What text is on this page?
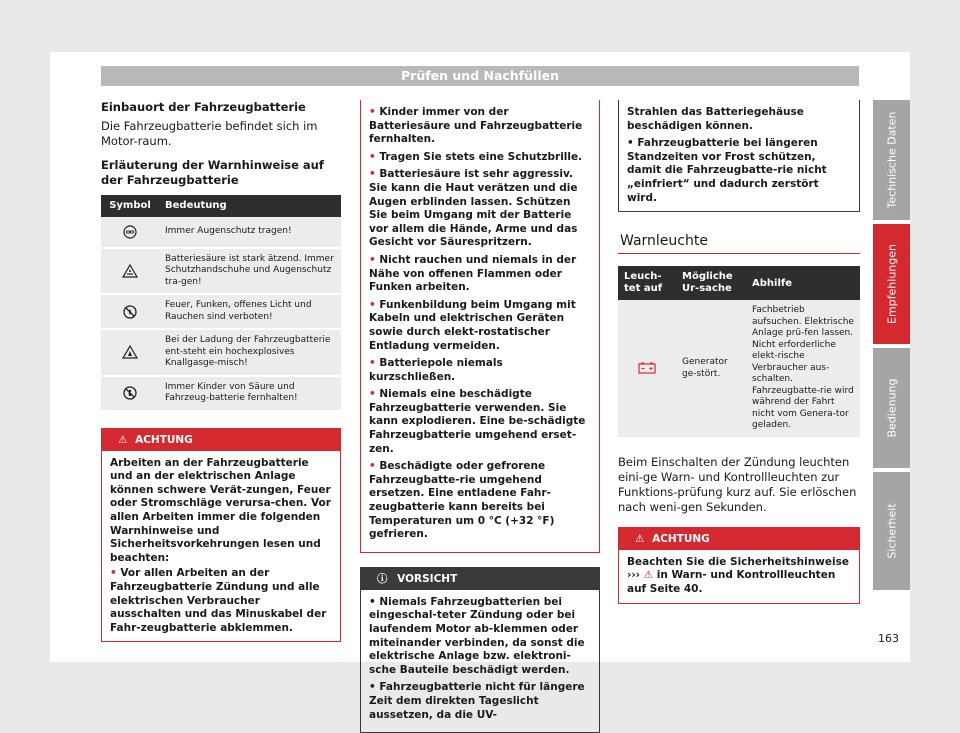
Prüfen und Nachfüllen
Einbauort der Fahrzeugbatterie
Die Fahrzeugbatterie befindet sich im Motor-raum.
Erläuterung der Warnhinweise auf der Fahrzeugbatterie
Symbol	Bedeutung
	Immer Augenschutz tragen!
	Batteriesäure ist stark ätzend. Immer Schutzhandschuhe und Augenschutz tra-gen!
	Feuer, Funken, offenes Licht und Rauchen sind verboten!
	Bei der Ladung der Fahrzeugbatterie ent-steht ein hochexplosives Knallgasge-misch!
	Immer Kinder von Säure und Fahrzeug-batterie fernhalten!
⚠ ACHTUNG
Arbeiten an der Fahrzeugbatterie und an der elektrischen Anlage können schwere Verät-zungen, Feuer oder Stromschläge verursa-chen. Vor allen Arbeiten immer die folgenden Warnhinweise und Sicherheitsvorkehrungen lesen und beachten:
• Vor allen Arbeiten an der Fahrzeugbatterie Zündung und alle elektrischen Verbraucher ausschalten und das Minuskabel der Fahr-zeugbatterie abklemmen.
• Kinder immer von der Batteriesäure und Fahrzeugbatterie fernhalten.
• Tragen Sie stets eine Schutzbrille.
• Batteriesäure ist sehr aggressiv. Sie kann die Haut verätzen und die Augen erblinden lassen. Schützen Sie beim Umgang mit der Batterie vor allem die Hände, Arme und das Gesicht vor Säurespritzern.
• Nicht rauchen und niemals in der Nähe von offenen Flammen oder Funken arbeiten.
• Funkenbildung beim Umgang mit Kabeln und elektrischen Geräten sowie durch elekt-rostatischer Entladung vermeiden.
• Batteriepole niemals kurzschließen.
• Niemals eine beschädigte Fahrzeugbatterie verwenden. Sie kann explodieren. Eine be-schädigte Fahrzeugbatterie umgehend erset-zen.
• Beschädigte oder gefrorene Fahrzeugbatte-rie umgehend ersetzen. Eine entladene Fahr-zeugbatterie kann bereits bei Temperaturen um 0 °C (+32 °F) gefrieren.
ⓘ VORSICHT
• Niemals Fahrzeugbatterien bei eingeschal-teter Zündung oder bei laufendem Motor ab-klemmen oder miteinander verbinden, da sonst die elektrische Anlage bzw. elektroni-sche Bauteile beschädigt werden.
• Fahrzeugbatterie nicht für längere Zeit dem direkten Tageslicht aussetzen, da die UV-
Strahlen das Batteriegehäuse beschädigen können.
• Fahrzeugbatterie bei längeren Standzeiten vor Frost schützen, damit die Fahrzeugbatte-rie nicht „einfriert“ und dadurch zerstört wird.
Warnleuchte
Leuch-tet auf	Mögliche Ur-sache	Abhilfe
	Generator ge-stört.	Fachbetrieb aufsuchen. Elektrische Anlage prü-fen lassen. Nicht erforderliche elekt-rische Verbraucher aus-schalten. Fahrzeugbatte-rie wird während der Fahrt nicht vom Genera-tor geladen.
Beim Einschalten der Zündung leuchten eini-ge Warn- und Kontrollleuchten zur Funktions-prüfung kurz auf. Sie erlöschen nach weni-gen Sekunden.
⚠ ACHTUNG
Beachten Sie die Sicherheitshinweise ››› ⚠ in Warn- und Kontrollleuchten auf Seite 40.
Technische Daten
Empfehlungen
Bedienung
Sicherheit
163
